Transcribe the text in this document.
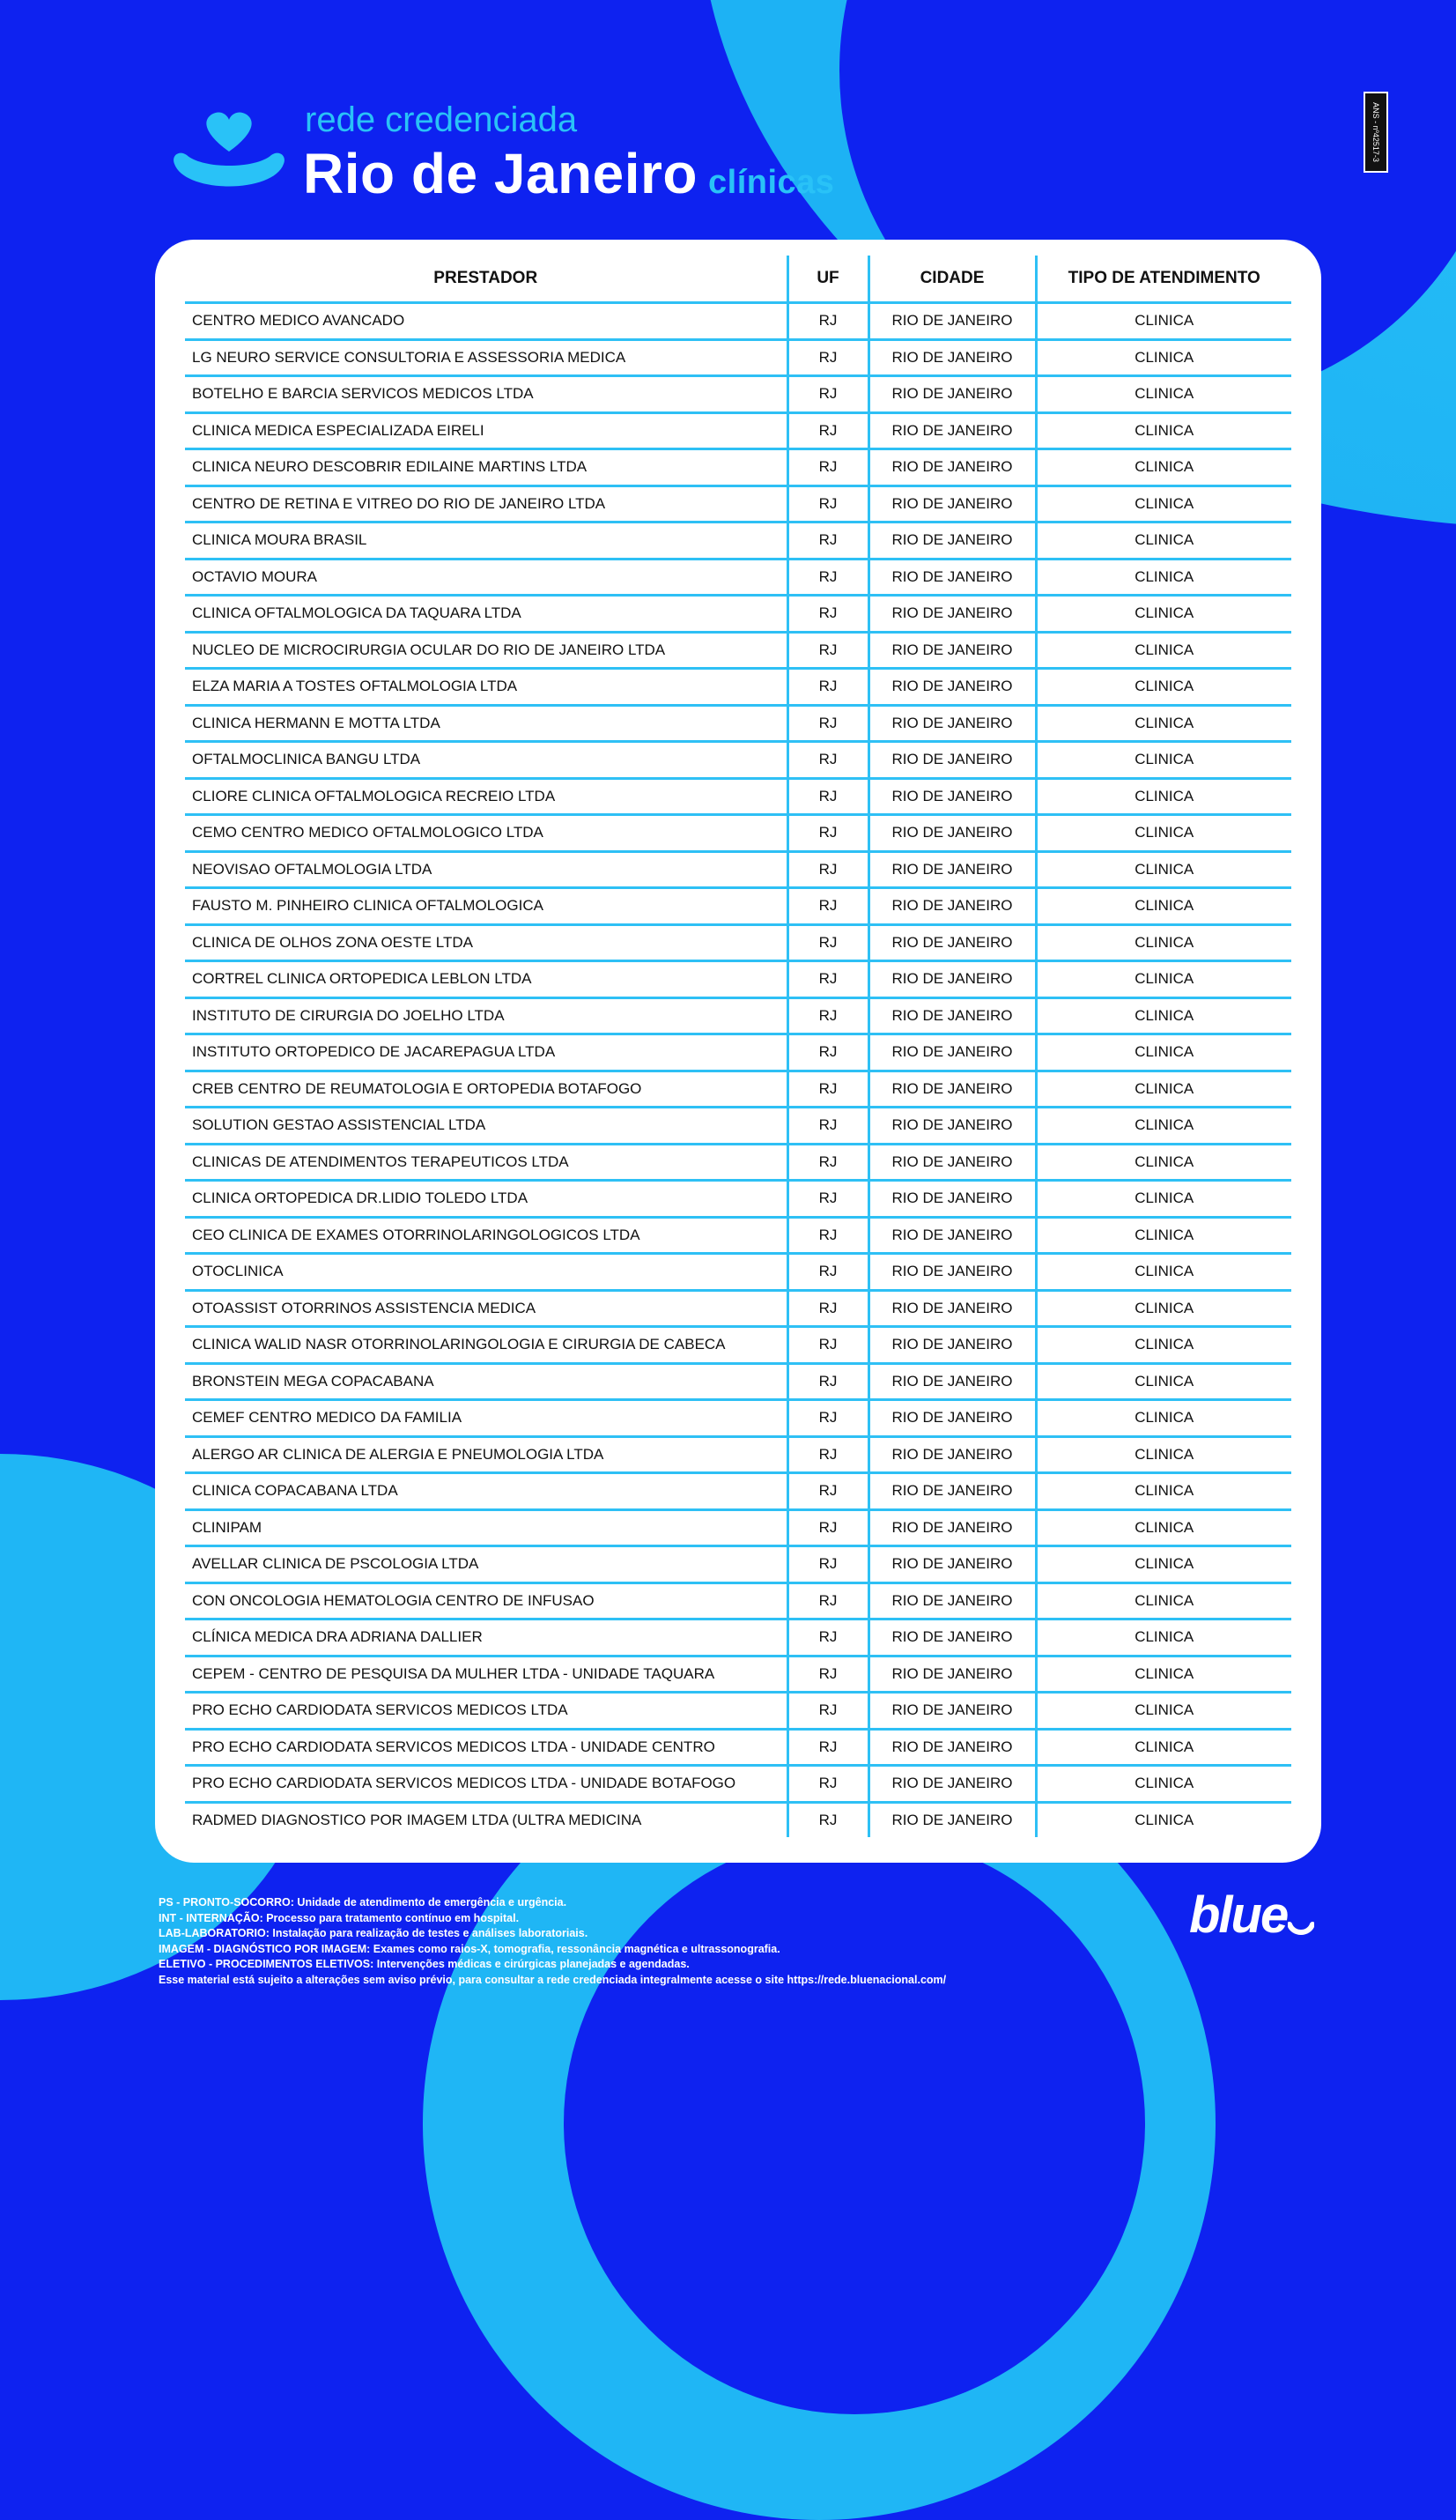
rede credenciada
Rio de Janeiro clínicas
ANS - nº42517-3
PRESTADOR	UF	CIDADE	TIPO DE ATENDIMENTO
CENTRO MEDICO AVANCADO	RJ	RIO DE JANEIRO	CLINICA
LG NEURO SERVICE CONSULTORIA E ASSESSORIA MEDICA	RJ	RIO DE JANEIRO	CLINICA
BOTELHO E BARCIA SERVICOS MEDICOS LTDA	RJ	RIO DE JANEIRO	CLINICA
CLINICA MEDICA ESPECIALIZADA EIRELI	RJ	RIO DE JANEIRO	CLINICA
CLINICA NEURO DESCOBRIR EDILAINE MARTINS LTDA	RJ	RIO DE JANEIRO	CLINICA
CENTRO DE RETINA E VITREO DO RIO DE JANEIRO LTDA	RJ	RIO DE JANEIRO	CLINICA
CLINICA MOURA BRASIL	RJ	RIO DE JANEIRO	CLINICA
OCTAVIO MOURA	RJ	RIO DE JANEIRO	CLINICA
CLINICA OFTALMOLOGICA DA TAQUARA LTDA	RJ	RIO DE JANEIRO	CLINICA
NUCLEO DE MICROCIRURGIA OCULAR DO RIO DE JANEIRO LTDA	RJ	RIO DE JANEIRO	CLINICA
ELZA MARIA A TOSTES OFTALMOLOGIA LTDA	RJ	RIO DE JANEIRO	CLINICA
CLINICA HERMANN E MOTTA LTDA	RJ	RIO DE JANEIRO	CLINICA
OFTALMOCLINICA BANGU LTDA	RJ	RIO DE JANEIRO	CLINICA
CLIORE CLINICA OFTALMOLOGICA RECREIO LTDA	RJ	RIO DE JANEIRO	CLINICA
CEMO CENTRO MEDICO OFTALMOLOGICO LTDA	RJ	RIO DE JANEIRO	CLINICA
NEOVISAO OFTALMOLOGIA LTDA	RJ	RIO DE JANEIRO	CLINICA
FAUSTO M. PINHEIRO CLINICA OFTALMOLOGICA	RJ	RIO DE JANEIRO	CLINICA
CLINICA DE OLHOS ZONA OESTE LTDA	RJ	RIO DE JANEIRO	CLINICA
CORTREL CLINICA ORTOPEDICA LEBLON LTDA	RJ	RIO DE JANEIRO	CLINICA
INSTITUTO DE CIRURGIA DO JOELHO LTDA	RJ	RIO DE JANEIRO	CLINICA
INSTITUTO ORTOPEDICO DE JACAREPAGUA LTDA	RJ	RIO DE JANEIRO	CLINICA
CREB CENTRO DE REUMATOLOGIA E ORTOPEDIA BOTAFOGO	RJ	RIO DE JANEIRO	CLINICA
SOLUTION GESTAO ASSISTENCIAL LTDA	RJ	RIO DE JANEIRO	CLINICA
CLINICAS DE ATENDIMENTOS TERAPEUTICOS LTDA	RJ	RIO DE JANEIRO	CLINICA
CLINICA ORTOPEDICA DR.LIDIO TOLEDO LTDA	RJ	RIO DE JANEIRO	CLINICA
CEO CLINICA DE EXAMES OTORRINOLARINGOLOGICOS LTDA	RJ	RIO DE JANEIRO	CLINICA
OTOCLINICA	RJ	RIO DE JANEIRO	CLINICA
OTOASSIST OTORRINOS ASSISTENCIA MEDICA	RJ	RIO DE JANEIRO	CLINICA
CLINICA WALID NASR OTORRINOLARINGOLOGIA E CIRURGIA DE CABECA	RJ	RIO DE JANEIRO	CLINICA
BRONSTEIN MEGA COPACABANA	RJ	RIO DE JANEIRO	CLINICA
CEMEF CENTRO MEDICO DA FAMILIA	RJ	RIO DE JANEIRO	CLINICA
ALERGO AR CLINICA DE ALERGIA E PNEUMOLOGIA LTDA	RJ	RIO DE JANEIRO	CLINICA
CLINICA COPACABANA LTDA	RJ	RIO DE JANEIRO	CLINICA
CLINIPAM	RJ	RIO DE JANEIRO	CLINICA
AVELLAR CLINICA DE PSCOLOGIA LTDA	RJ	RIO DE JANEIRO	CLINICA
CON ONCOLOGIA HEMATOLOGIA CENTRO DE INFUSAO	RJ	RIO DE JANEIRO	CLINICA
CLÍNICA MEDICA DRA ADRIANA DALLIER	RJ	RIO DE JANEIRO	CLINICA
CEPEM - CENTRO DE PESQUISA DA MULHER LTDA - UNIDADE TAQUARA	RJ	RIO DE JANEIRO	CLINICA
PRO ECHO CARDIODATA SERVICOS MEDICOS LTDA	RJ	RIO DE JANEIRO	CLINICA
PRO ECHO CARDIODATA SERVICOS MEDICOS LTDA - UNIDADE CENTRO	RJ	RIO DE JANEIRO	CLINICA
PRO ECHO CARDIODATA SERVICOS MEDICOS LTDA - UNIDADE BOTAFOGO	RJ	RIO DE JANEIRO	CLINICA
RADMED DIAGNOSTICO POR IMAGEM LTDA (ULTRA MEDICINA	RJ	RIO DE JANEIRO	CLINICA
PS - PRONTO-SOCORRO: Unidade de atendimento de emergência e urgência.
INT - INTERNAÇÃO: Processo para tratamento contínuo em hospital.
LAB-LABORATORIO: Instalação para realização de testes e análises laboratoriais.
IMAGEM - DIAGNÓSTICO POR IMAGEM: Exames como raios-X, tomografia, ressonância magnética e ultrassonografia.
ELETIVO - PROCEDIMENTOS ELETIVOS: Intervenções médicas e cirúrgicas planejadas e agendadas.
Esse material está sujeito a alterações sem aviso prévio, para consultar a rede credenciada integralmente acesse o site https://rede.bluenacional.com/
blue
